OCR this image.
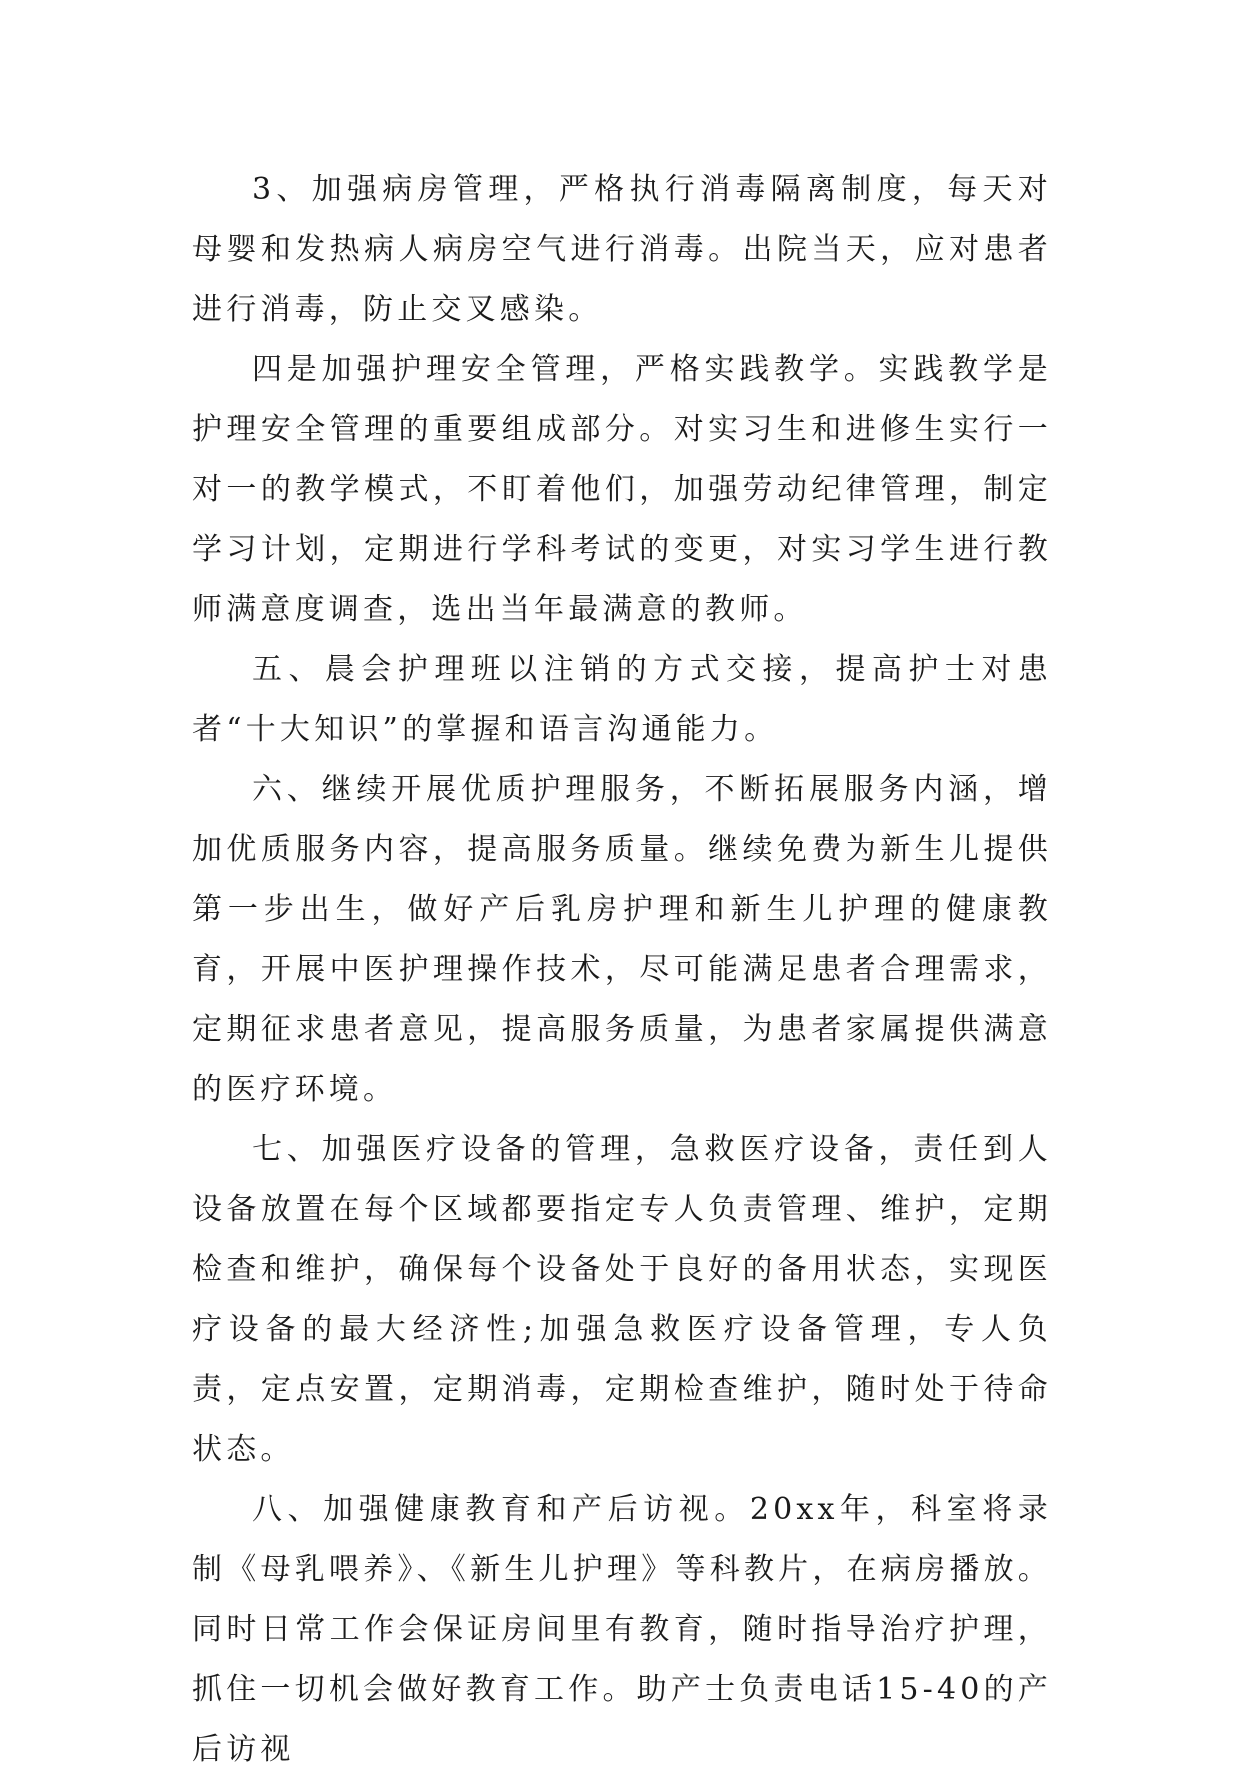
3、加强病房管理，严格执行消毒隔离制度，每天对母婴和发热病人病房空气进行消毒。出院当天，应对患者进行消毒，防止交叉感染。

四是加强护理安全管理，严格实践教学。实践教学是护理安全管理的重要组成部分。对实习生和进修生实行一对一的教学模式，不盯着他们，加强劳动纪律管理，制定学习计划，定期进行学科考试的变更，对实习学生进行教师满意度调查，选出当年最满意的教师。

五、晨会护理班以注销的方式交接，提高护士对患者“十大知识”的掌握和语言沟通能力。

六、继续开展优质护理服务，不断拓展服务内涵，增加优质服务内容，提高服务质量。继续免费为新生儿提供第一步出生，做好产后乳房护理和新生儿护理的健康教育，开展中医护理操作技术，尽可能满足患者合理需求，定期征求患者意见，提高服务质量，为患者家属提供满意的医疗环境。

七、加强医疗设备的管理，急救医疗设备，责任到人设备放置在每个区域都要指定专人负责管理、维护，定期检查和维护，确保每个设备处于良好的备用状态，实现医疗设备的最大经济性;加强急救医疗设备管理，专人负责，定点安置，定期消毒，定期检查维护，随时处于待命状态。

八、加强健康教育和产后访视。20xx年，科室将录制《母乳喂养》、《新生儿护理》等科教片，在病房播放。同时日常工作会保证房间里有教育，随时指导治疗护理，抓住一切机会做好教育工作。助产士负责电话15-40的产后访视
